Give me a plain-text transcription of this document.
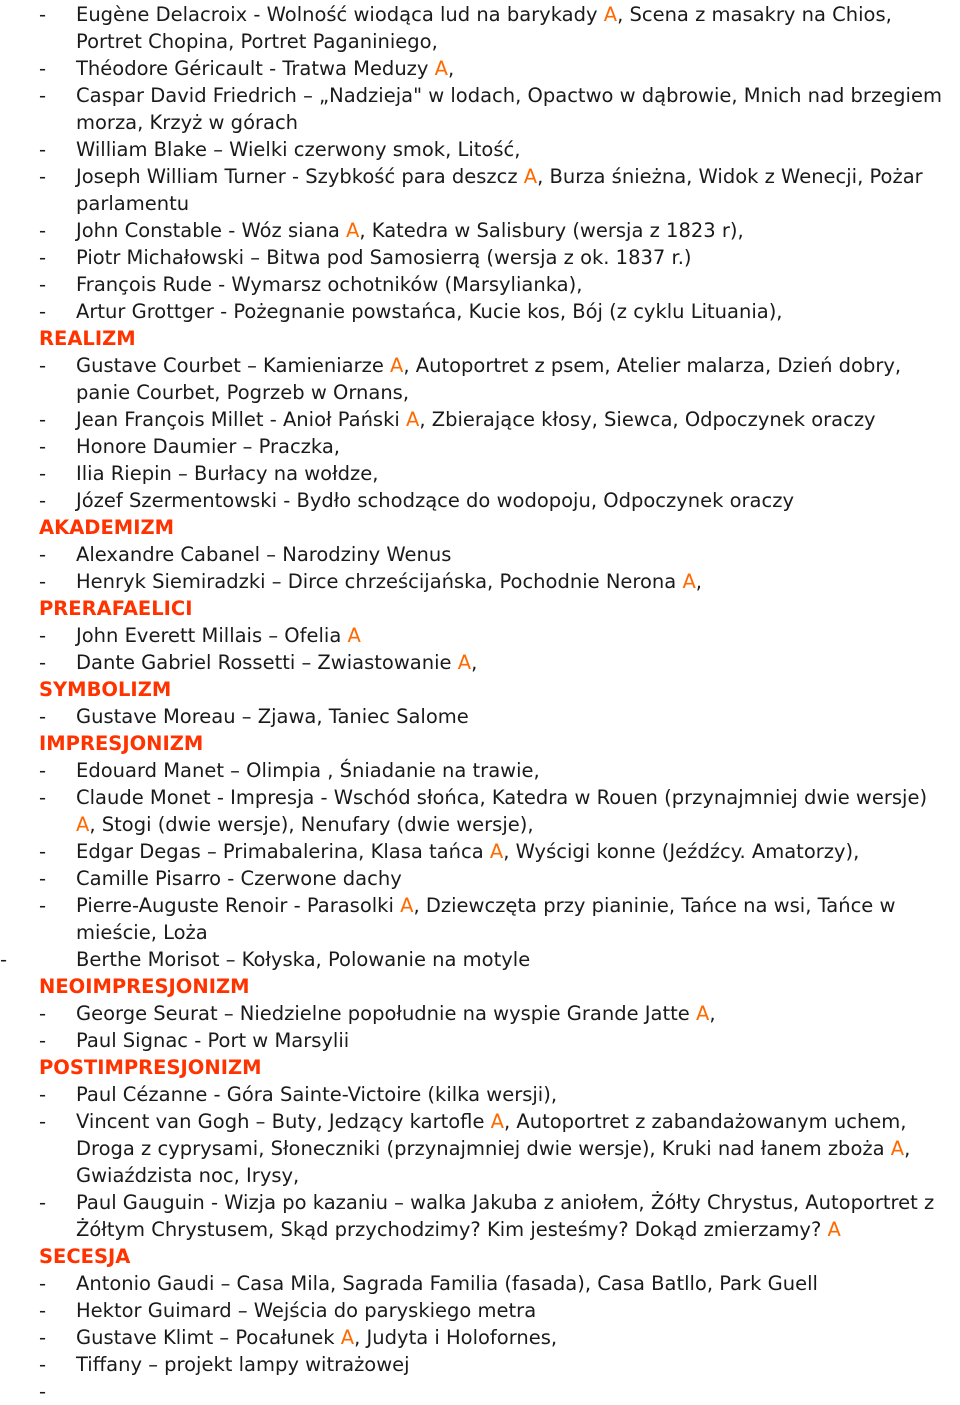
- Eugène Delacroix - Wolność wiodąca lud na barykady A, Scena z masakry na Chios,
Portret Chopina, Portret Paganiniego,
- Théodore Géricault - Tratwa Meduzy A,
- Caspar David Friedrich – „Nadzieja" w lodach, Opactwo w dąbrowie, Mnich nad brzegiem
morza, Krzyż w górach
- William Blake – Wielki czerwony smok, Litość,
- Joseph William Turner - Szybkość para deszcz A, Burza śnieżna, Widok z Wenecji, Pożar
parlamentu
- John Constable - Wóz siana A, Katedra w Salisbury (wersja z 1823 r),
- Piotr Michałowski – Bitwa pod Samosierrą (wersja z ok. 1837 r.)
- François Rude - Wymarsz ochotników (Marsylianka),
- Artur Grottger - Pożegnanie powstańca, Kucie kos, Bój (z cyklu Lituania),
REALIZM
- Gustave Courbet – Kamieniarze A, Autoportret z psem, Atelier malarza, Dzień dobry,
panie Courbet, Pogrzeb w Ornans,
- Jean François Millet - Anioł Pański A, Zbierające kłosy, Siewca, Odpoczynek oraczy
- Honore Daumier – Praczka,
- Ilia Riepin – Burłacy na wołdze,
- Józef Szermentowski - Bydło schodzące do wodopoju, Odpoczynek oraczy
AKADEMIZM
- Alexandre Cabanel – Narodziny Wenus
- Henryk Siemiradzki – Dirce chrześcijańska, Pochodnie Nerona A,
PRERAFAELICI
- John Everett Millais – Ofelia A
- Dante Gabriel Rossetti – Zwiastowanie A,
SYMBOLIZM
- Gustave Moreau – Zjawa, Taniec Salome
IMPRESJONIZM
- Edouard Manet – Olimpia , Śniadanie na trawie,
- Claude Monet - Impresja - Wschód słońca, Katedra w Rouen (przynajmniej dwie wersje)
A, Stogi (dwie wersje), Nenufary (dwie wersje),
- Edgar Degas – Primabalerina, Klasa tańca A, Wyścigi konne (Jeźdźcy. Amatorzy),
- Camille Pisarro - Czerwone dachy
- Pierre-Auguste Renoir - Parasolki A, Dziewczęta przy pianinie, Tańce na wsi, Tańce w
mieście, Loża
-	Berthe Morisot – Kołyska, Polowanie na motyle
NEOIMPRESJONIZM
- George Seurat – Niedzielne popołudnie na wyspie Grande Jatte A,
- Paul Signac - Port w Marsylii
POSTIMPRESJONIZM
- Paul Cézanne - Góra Sainte-Victoire (kilka wersji),
- Vincent van Gogh – Buty, Jedzący kartofle A, Autoportret z zabandażowanym uchem,
Droga z cyprysami, Słoneczniki (przynajmniej dwie wersje), Kruki nad łanem zboża A,
Gwiaździsta noc, Irysy,
- Paul Gauguin - Wizja po kazaniu – walka Jakuba z aniołem, Żółty Chrystus, Autoportret z
Żółtym Chrystusem, Skąd przychodzimy? Kim jesteśmy? Dokąd zmierzamy? A
SECESJA
- Antonio Gaudi – Casa Mila, Sagrada Familia (fasada), Casa Batllo, Park Guell
- Hektor Guimard – Wejścia do paryskiego metra
- Gustave Klimt – Pocałunek A, Judyta i Holofornes,
- Tiffany – projekt lampy witrażowej
-
